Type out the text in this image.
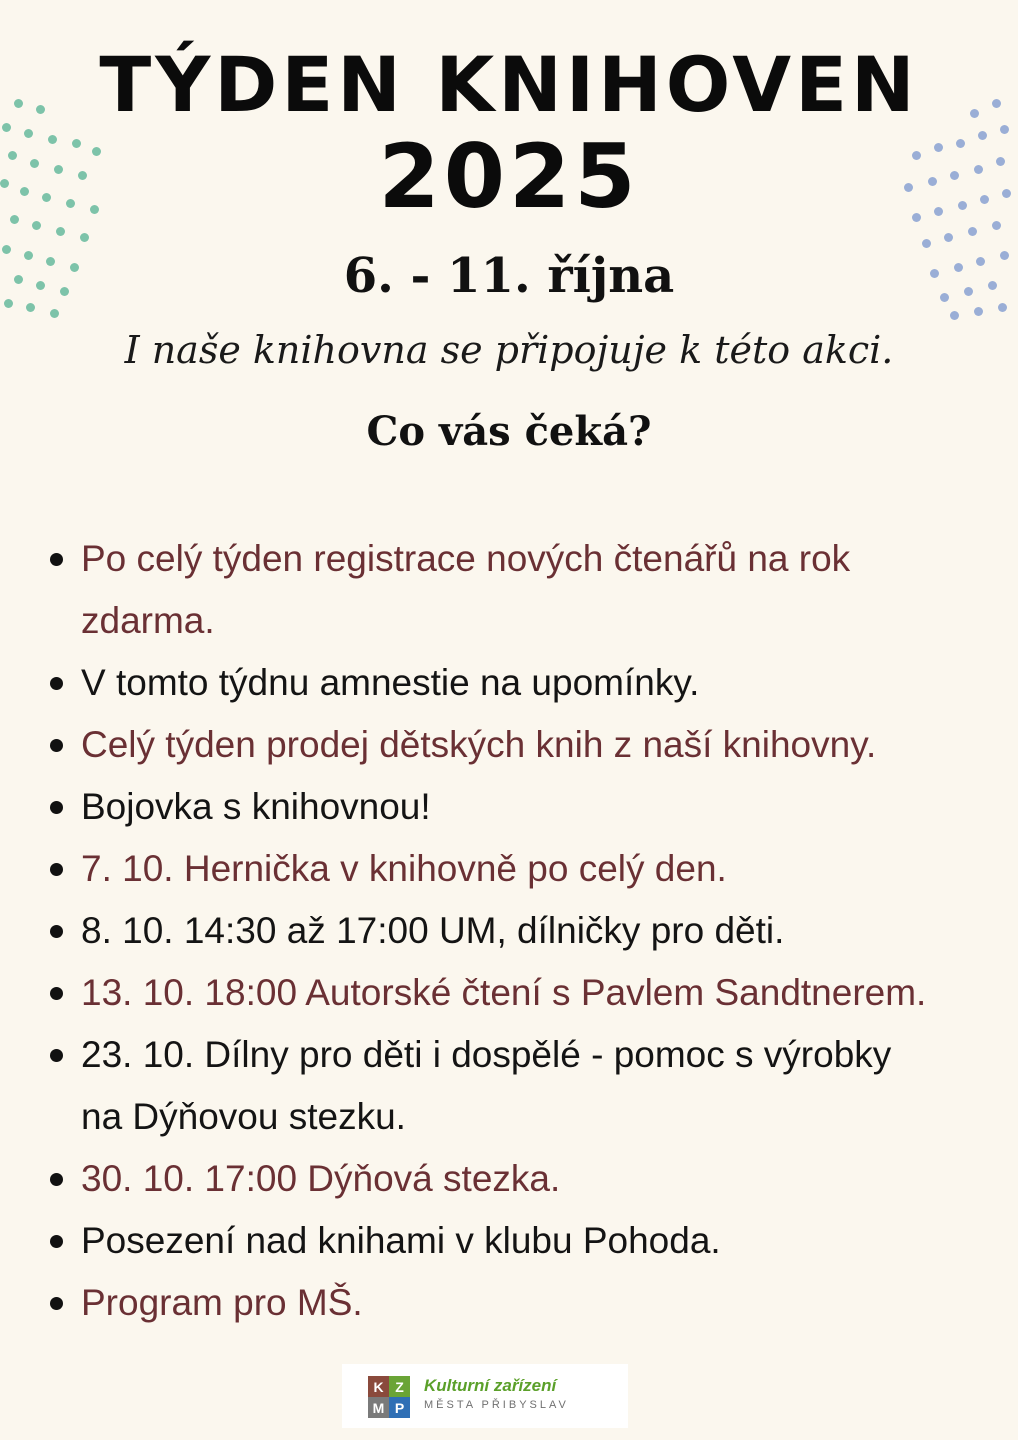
TÝDEN KNIHOVEN
2025
6. - 11. října
I naše knihovna se připojuje k této akci.
Co vás čeká?
Po celý týden registrace nových čtenářů na rok
zdarma.
V tomto týdnu amnestie na upomínky.
Celý týden prodej dětských knih z naší knihovny.
Bojovka s knihovnou!
7. 10. Hernička v knihovně po celý den.
8. 10. 14:30 až 17:00 UM, dílničky pro děti.
13. 10. 18:00 Autorské čtení s Pavlem Sandtnerem.
23. 10. Dílny pro děti i dospělé - pomoc s výrobky
na Dýňovou stezku.
30. 10. 17:00 Dýňová stezka.
Posezení nad knihami v klubu Pohoda.
Program pro MŠ.
K Z
M P
Kulturní zařízení
MĚSTA PŘIBYSLAV
